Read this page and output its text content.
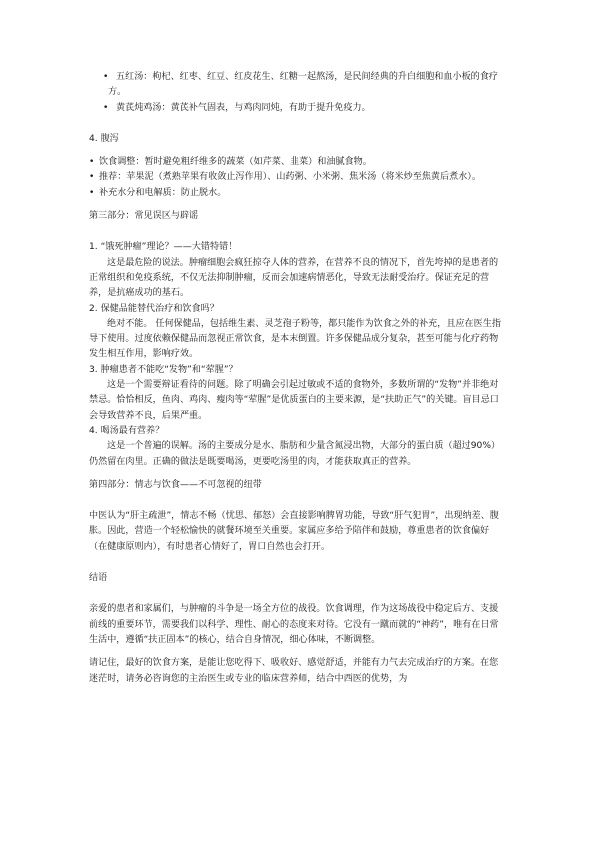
• 五红汤：枸杞、红枣、红豆、红皮花生、红糖一起熬汤，是民间经典的升白细胞和血小板的食疗方。

• 黄芪炖鸡汤：黄芪补气固表，与鸡肉同炖，有助于提升免疫力。

4. 腹泻

• 饮食调整：暂时避免粗纤维多的蔬菜（如芹菜、韭菜）和油腻食物。

• 推荐：苹果泥（煮熟苹果有收敛止泻作用）、山药粥、小米粥、焦米汤（将米炒至焦黄后煮水）。

• 补充水分和电解质：防止脱水。

第三部分：常见误区与辟谣

1. “饿死肿瘤”理论？——大错特错！

这是最危险的说法。肿瘤细胞会疯狂掠夺人体的营养，在营养不良的情况下，首先垮掉的是患者的正常组织和免疫系统，不仅无法抑制肿瘤，反而会加速病情恶化，导致无法耐受治疗。保证充足的营养，是抗癌成功的基石。

2. 保健品能替代治疗和饮食吗？

绝对不能。 任何保健品，包括维生素、灵芝孢子粉等，都只能作为饮食之外的补充，且应在医生指导下使用。过度依赖保健品而忽视正常饮食，是本末倒置。许多保健品成分复杂，甚至可能与化疗药物发生相互作用，影响疗效。

3. 肿瘤患者不能吃“发物”和“荤腥”？

这是一个需要辩证看待的问题。除了明确会引起过敏或不适的食物外，多数所谓的“发物”并非绝对禁忌。恰恰相反，鱼肉、鸡肉、瘦肉等“荤腥”是优质蛋白的主要来源，是“扶助正气”的关键。盲目忌口会导致营养不良，后果严重。

4. 喝汤最有营养？

这是一个普遍的误解。汤的主要成分是水、脂肪和少量含氮浸出物，大部分的蛋白质（超过90%）仍然留在肉里。正确的做法是既要喝汤，更要吃汤里的肉，才能获取真正的营养。

第四部分：情志与饮食——不可忽视的纽带

中医认为“肝主疏泄”，情志不畅（忧思、郁怒）会直接影响脾胃功能，导致“肝气犯胃”，出现纳差、腹胀。因此，营造一个轻松愉快的就餐环境至关重要。家属应多给予陪伴和鼓励，尊重患者的饮食偏好（在健康原则内），有时患者心情好了，胃口自然也会打开。

结语

亲爱的患者和家属们，与肿瘤的斗争是一场全方位的战役。饮食调理，作为这场战役中稳定后方、支援前线的重要环节，需要我们以科学、理性、耐心的态度来对待。它没有一蹴而就的“神药”，唯有在日常生活中，遵循“扶正固本”的核心，结合自身情况，细心体味，不断调整。

请记住，最好的饮食方案，是能让您吃得下、吸收好、感觉舒适，并能有力气去完成治疗的方案。在您迷茫时，请务必咨询您的主治医生或专业的临床营养师，结合中西医的优势，为
